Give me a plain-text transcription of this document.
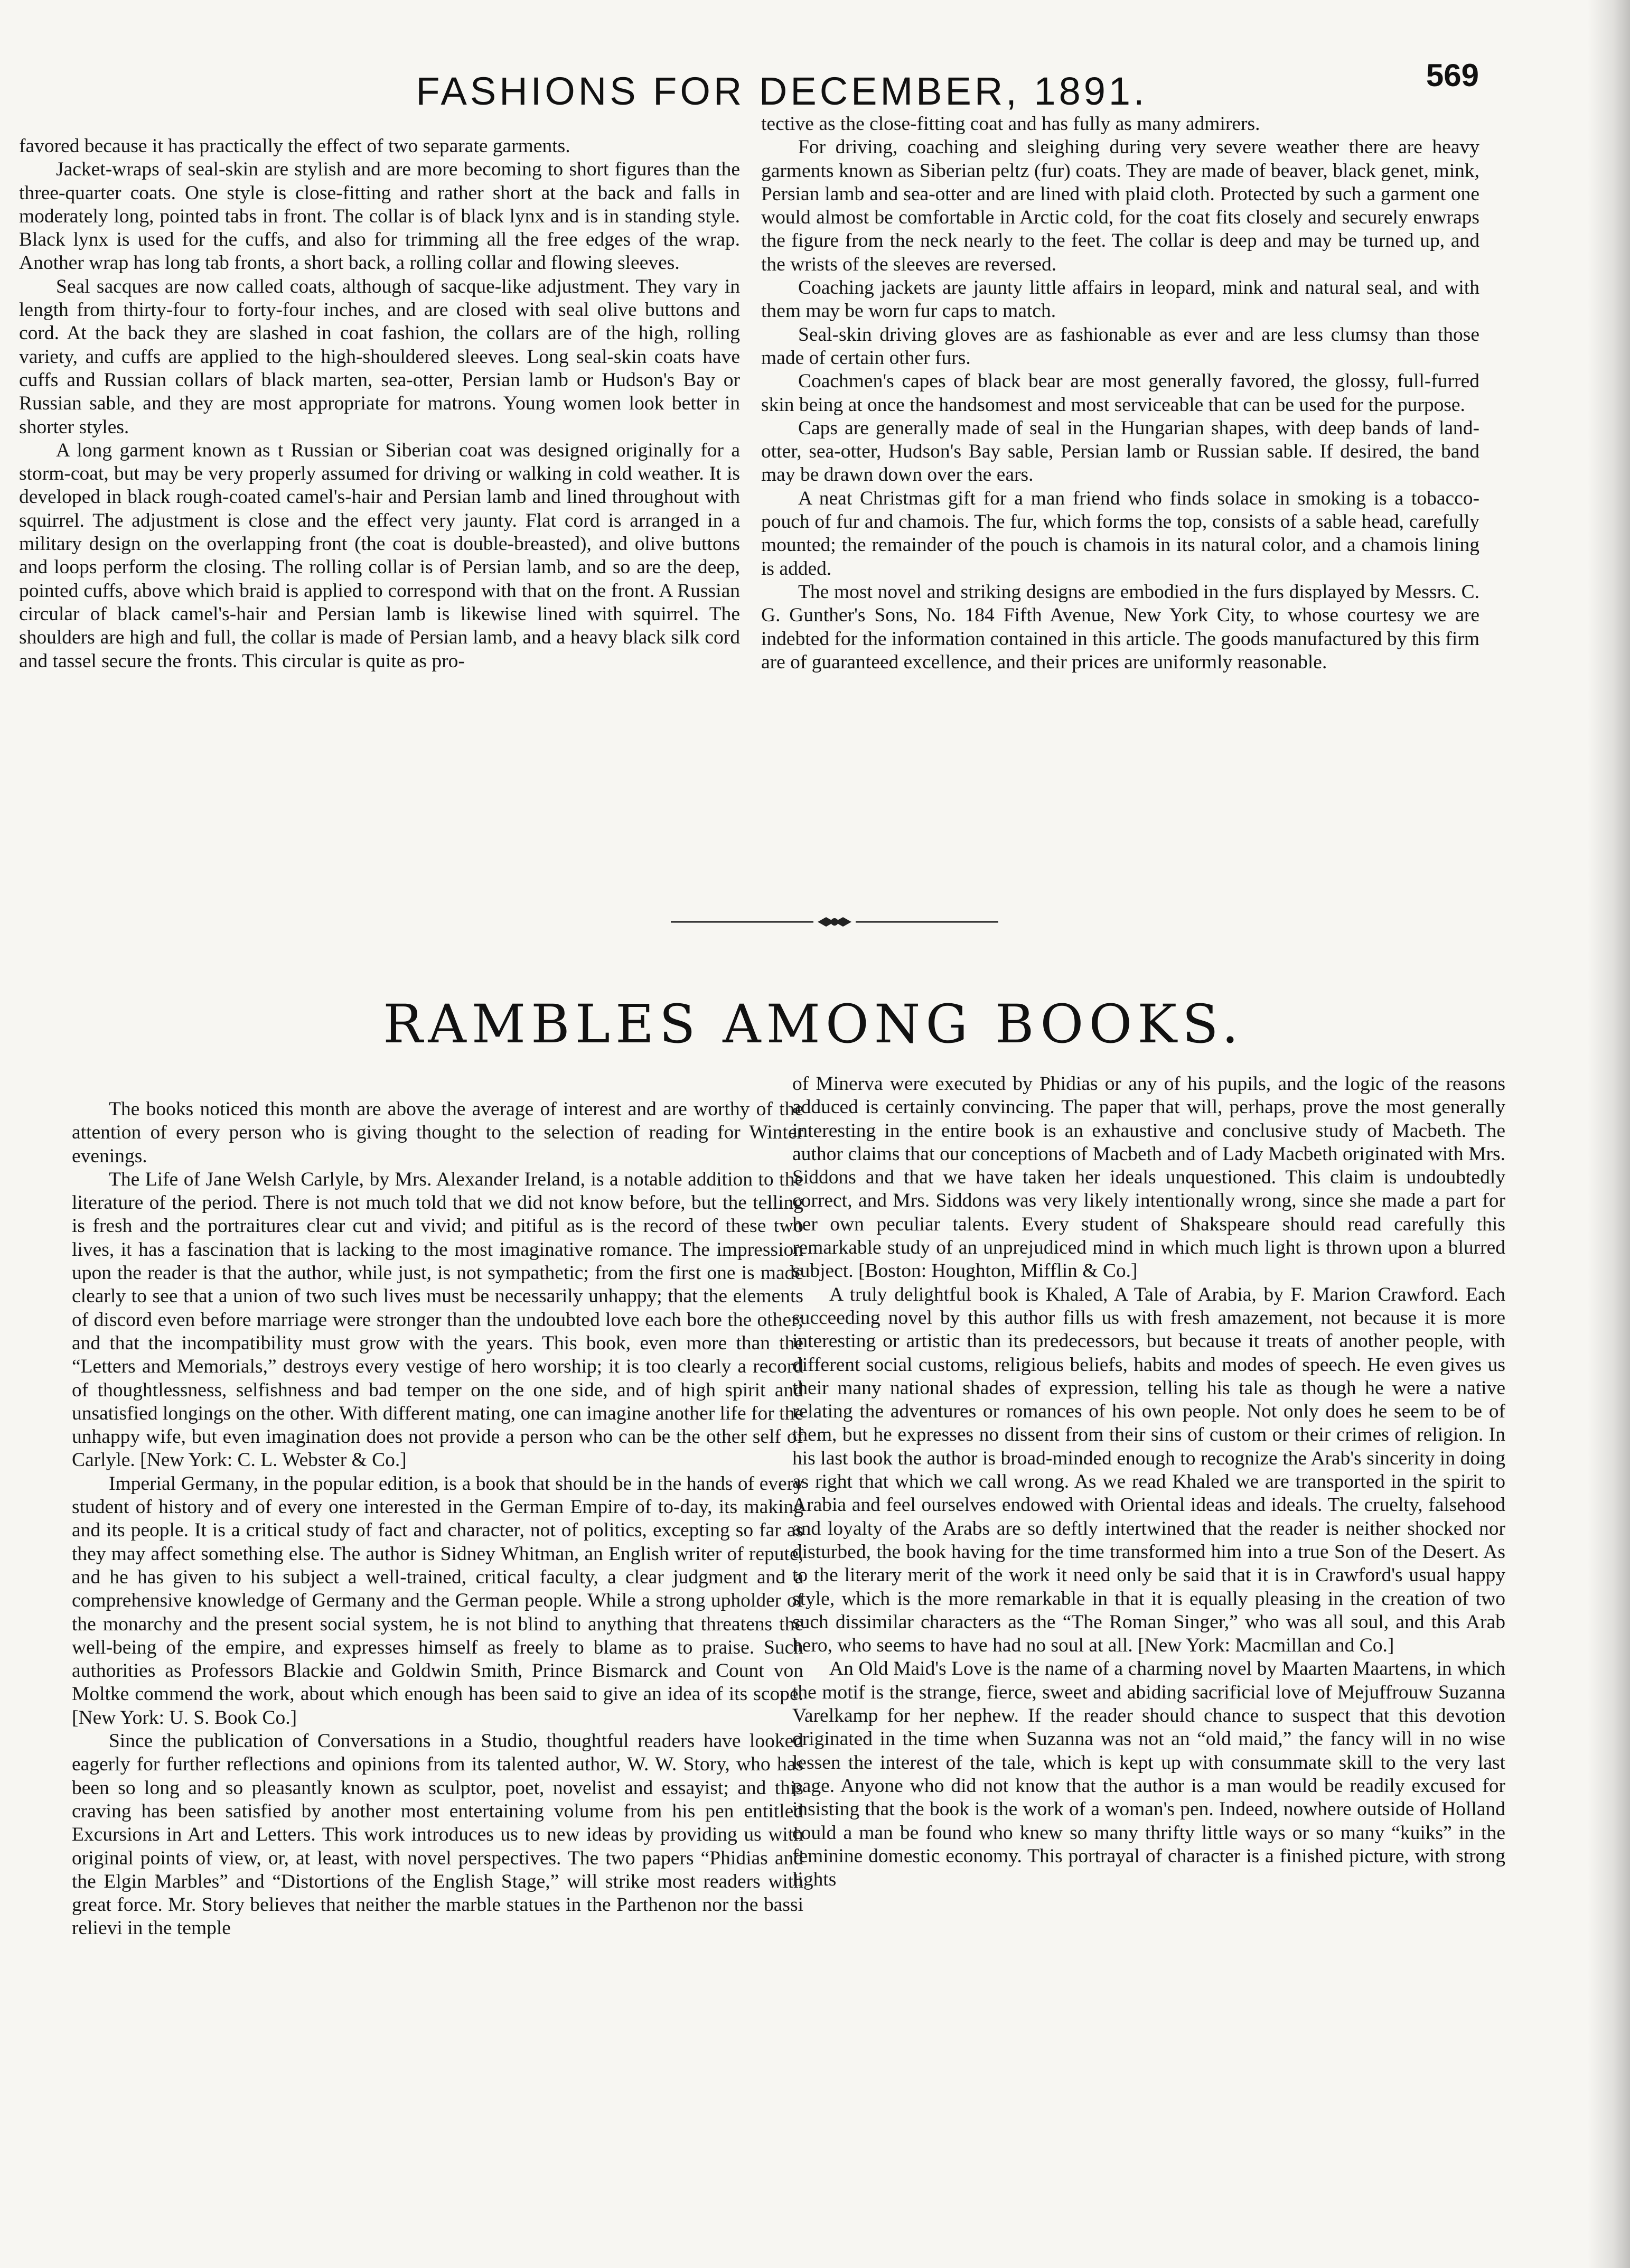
FASHIONS FOR DECEMBER, 1891.	569

favored because it has practically the effect of two separate garments.

Jacket-wraps of seal-skin are stylish and are more becoming to short figures than the three-quarter coats. One style is close-fitting and rather short at the back and falls in moderately long, pointed tabs in front. The collar is of black lynx and is in standing style. Black lynx is used for the cuffs, and also for trimming all the free edges of the wrap. Another wrap has long tab fronts, a short back, a rolling collar and flowing sleeves.

Seal sacques are now called coats, although of sacque-like adjustment. They vary in length from thirty-four to forty-four inches, and are closed with seal olive buttons and cord. At the back they are slashed in coat fashion, the collars are of the high, rolling variety, and cuffs are applied to the high-shouldered sleeves. Long seal-skin coats have cuffs and Russian collars of black marten, sea-otter, Persian lamb or Hudson's Bay or Russian sable, and they are most appropriate for matrons. Young women look better in shorter styles.

A long garment known as t Russian or Siberian coat was designed originally for a storm-coat, but may be very properly assumed for driving or walking in cold weather. It is developed in black rough-coated camel's-hair and Persian lamb and lined throughout with squirrel. The adjustment is close and the effect very jaunty. Flat cord is arranged in a military design on the overlapping front (the coat is double-breasted), and olive buttons and loops perform the closing. The rolling collar is of Persian lamb, and so are the deep, pointed cuffs, above which braid is applied to correspond with that on the front. A Russian circular of black camel's-hair and Persian lamb is likewise lined with squirrel. The shoulders are high and full, the collar is made of Persian lamb, and a heavy black silk cord and tassel secure the fronts. This circular is quite as pro-

tective as the close-fitting coat and has fully as many admirers.

For driving, coaching and sleighing during very severe weather there are heavy garments known as Siberian peltz (fur) coats. They are made of beaver, black genet, mink, Persian lamb and sea-otter and are lined with plaid cloth. Protected by such a garment one would almost be comfortable in Arctic cold, for the coat fits closely and securely enwraps the figure from the neck nearly to the feet. The collar is deep and may be turned up, and the wrists of the sleeves are reversed.

Coaching jackets are jaunty little affairs in leopard, mink and natural seal, and with them may be worn fur caps to match.

Seal-skin driving gloves are as fashionable as ever and are less clumsy than those made of certain other furs.

Coachmen's capes of black bear are most generally favored, the glossy, full-furred skin being at once the handsomest and most serviceable that can be used for the purpose.

Caps are generally made of seal in the Hungarian shapes, with deep bands of land-otter, sea-otter, Hudson's Bay sable, Persian lamb or Russian sable. If desired, the band may be drawn down over the ears.

A neat Christmas gift for a man friend who finds solace in smoking is a tobacco-pouch of fur and chamois. The fur, which forms the top, consists of a sable head, carefully mounted; the remainder of the pouch is chamois in its natural color, and a chamois lining is added.

The most novel and striking designs are embodied in the furs displayed by Messrs. C. G. Gunther's Sons, No. 184 Fifth Avenue, New York City, to whose courtesy we are indebted for the information contained in this article. The goods manufactured by this firm are of guaranteed excellence, and their prices are uniformly reasonable.

RAMBLES AMONG BOOKS.

The books noticed this month are above the average of interest and are worthy of the attention of every person who is giving thought to the selection of reading for Winter evenings.

The Life of Jane Welsh Carlyle, by Mrs. Alexander Ireland, is a notable addition to the literature of the period. There is not much told that we did not know before, but the telling is fresh and the portraitures clear cut and vivid; and pitiful as is the record of these two lives, it has a fascination that is lacking to the most imaginative romance. The impression upon the reader is that the author, while just, is not sympathetic; from the first one is made clearly to see that a union of two such lives must be necessarily unhappy; that the elements of discord even before marriage were stronger than the undoubted love each bore the other; and that the incompatibility must grow with the years. This book, even more than the “Letters and Memorials,” destroys every vestige of hero worship; it is too clearly a record of thoughtlessness, selfishness and bad temper on the one side, and of high spirit and unsatisfied longings on the other. With different mating, one can imagine another life for the unhappy wife, but even imagination does not provide a person who can be the other self of Carlyle. [New York: C. L. Webster & Co.]

Imperial Germany, in the popular edition, is a book that should be in the hands of every student of history and of every one interested in the German Empire of to-day, its making and its people. It is a critical study of fact and character, not of politics, excepting so far as they may affect something else. The author is Sidney Whitman, an English writer of repute, and he has given to his subject a well-trained, critical faculty, a clear judgment and a comprehensive knowledge of Germany and the German people. While a strong upholder of the monarchy and the present social system, he is not blind to anything that threatens the well-being of the empire, and expresses himself as freely to blame as to praise. Such authorities as Professors Blackie and Goldwin Smith, Prince Bismarck and Count von Moltke commend the work, about which enough has been said to give an idea of its scope. [New York: U. S. Book Co.]

Since the publication of Conversations in a Studio, thoughtful readers have looked eagerly for further reflections and opinions from its talented author, W. W. Story, who has been so long and so pleasantly known as sculptor, poet, novelist and essayist; and this craving has been satisfied by another most entertaining volume from his pen entitled Excursions in Art and Letters. This work introduces us to new ideas by providing us with original points of view, or, at least, with novel perspectives. The two papers “Phidias and the Elgin Marbles” and “Distortions of the English Stage,” will strike most readers with great force. Mr. Story believes that neither the marble statues in the Parthenon nor the bassi relievi in the temple

of Minerva were executed by Phidias or any of his pupils, and the logic of the reasons adduced is certainly convincing. The paper that will, perhaps, prove the most generally interesting in the entire book is an exhaustive and conclusive study of Macbeth. The author claims that our conceptions of Macbeth and of Lady Macbeth originated with Mrs. Siddons and that we have taken her ideals unquestioned. This claim is undoubtedly correct, and Mrs. Siddons was very likely intentionally wrong, since she made a part for her own peculiar talents. Every student of Shakspeare should read carefully this remarkable study of an unprejudiced mind in which much light is thrown upon a blurred subject. [Boston: Houghton, Mifflin & Co.]

A truly delightful book is Khaled, A Tale of Arabia, by F. Marion Crawford. Each succeeding novel by this author fills us with fresh amazement, not because it is more interesting or artistic than its predecessors, but because it treats of another people, with different social customs, religious beliefs, habits and modes of speech. He even gives us their many national shades of expression, telling his tale as though he were a native relating the adventures or romances of his own people. Not only does he seem to be of them, but he expresses no dissent from their sins of custom or their crimes of religion. In his last book the author is broad-minded enough to recognize the Arab's sincerity in doing as right that which we call wrong. As we read Khaled we are transported in the spirit to Arabia and feel ourselves endowed with Oriental ideas and ideals. The cruelty, falsehood and loyalty of the Arabs are so deftly intertwined that the reader is neither shocked nor disturbed, the book having for the time transformed him into a true Son of the Desert. As to the literary merit of the work it need only be said that it is in Crawford's usual happy style, which is the more remarkable in that it is equally pleasing in the creation of two such dissimilar characters as the “The Roman Singer,” who was all soul, and this Arab hero, who seems to have had no soul at all. [New York: Macmillan and Co.]

An Old Maid's Love is the name of a charming novel by Maarten Maartens, in which the motif is the strange, fierce, sweet and abiding sacrificial love of Mejuffrouw Suzanna Varelkamp for her nephew. If the reader should chance to suspect that this devotion originated in the time when Suzanna was not an “old maid,” the fancy will in no wise lessen the interest of the tale, which is kept up with consummate skill to the very last page. Anyone who did not know that the author is a man would be readily excused for insisting that the book is the work of a woman's pen. Indeed, nowhere outside of Holland could a man be found who knew so many thrifty little ways or so many “kuiks” in the feminine domestic economy. This portrayal of character is a finished picture, with strong lights
